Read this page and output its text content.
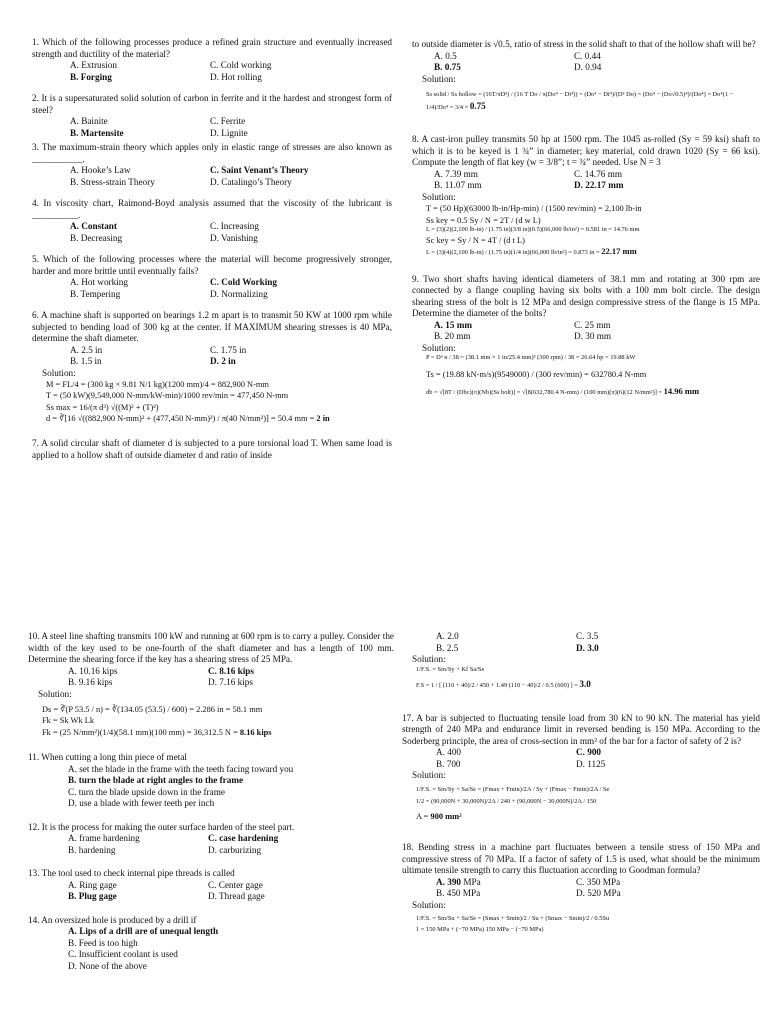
1. Which of the following processes produce a refined grain structure and eventually increased strength and ductility of the material?

A. Extrusion	C. Cold working
B. Forging	D. Hot rolling

2. It is a supersaturated solid solution of carbon in ferrite and it the hardest and strongest form of steel?

A. Bainite	C. Ferrite
B. Martensite	D. Lignite

3. The maximum-strain theory which apples only in elastic range of stresses are also known as ___________.

A. Hooke’s Law	C. Saint Venant’s Theory
B. Stress-strain Theory	D. Catalingo’s Theory

4. In viscosity chart, Raimond-Boyd analysis assumed that the viscosity of the lubricant is __________.

A. Constant	C. Increasing
B. Decreasing	D. Vanishing

5. Which of the following processes where the material will become progressively stronger, harder and more brittle until eventually fails?

A. Hot working	C. Cold Working
B. Tempering	D. Normalizing

6. A machine shaft is supported on bearings 1.2 m apart is to transmit 50 KW at 1000 rpm while subjected to bending load of 300 kg at the center. If MAXIMUM shearing stresses is 40 MPa, determine the shaft diameter.

A. 2.5 in	C. 1.75 in
B. 1.5 in	D. 2 in
Solution:
M = FL/4 = (300 kg × 9.81 N/1 kg)(1200 mm)/4 = 882,900 N-mm
T = (50 kW)(9,549,000 N-mm/kW-min)/1000 rev/min = 477,450 N-mm
Ss max = 16/(π d³) √((M)² + (T)²)
d = ∛[16 √((882,900 N-mm)² + (477,450 N-mm)²) / π(40 N/mm²)] = 50.4 mm = 2 in

7. A solid circular shaft of diameter d is subjected to a pure torsional load T. When same load is applied to a hollow shaft of outside diameter d and ratio of inside

to outside diameter is √0.5, ratio of stress in the solid shaft to that of the hollow shaft will be?

A. 0.5	C. 0.44
B. 0.75	D. 0.94
Solution:
Ss solid / Ss hollow = (16T/πD³) / (16 T Do / π(Do⁴ − Di⁴)) = (Do⁴ − Di⁴)/(D³ Do) = (Do⁴ − (Do√0.5)⁴)/(Do⁴) = Do⁴(1 − 1/4)/Do⁴ = 3/4 = 0.75

8. A cast-iron pulley transmits 50 hp at 1500 rpm. The 1045 as-rolled (Sy = 59 ksi) shaft to which it is to be keyed is 1 ¾” in diameter; key material, cold drawn 1020 (Sy = 66 ksi). Compute the length of flat key (w = 3/8”; t = ¾” needed. Use N = 3

A. 7.39 mm	C. 14.76 mm
B. 11.07 mm	D. 22.17 mm
Solution:
T = (50 Hp)(63000 lb-in/Hp-min) / (1500 rev/min) = 2,100 lb-in
Ss key = 0.5 Sy / N = 2T / (d w L)
L = (3)(2)(2,100 lb-in) / (1.75 in)(3/8 in)(0.5)(66,000 lb/in²) = 0.581 in = 14.76 mm
Sc key = Sy / N = 4T / (d t L)
L = (3)(4)(2,100 lb-in) / (1.75 in)(1/4 in)(66,000 lb/in²) = 0.873 in = 22.17 mm

9. Two short shafts having identical diameters of 38.1 mm and rotating at 300 rpm are connected by a flange coupling having six bolts with a 100 mm bolt circle. The design shearing stress of the bolt is 12 MPa and design compressive stress of the flange is 15 MPa. Determine the diameter of the bolts?

A. 15 mm	C. 25 mm
B. 20 mm	D. 30 mm
Solution:
P = D³ n / 38 = (38.1 mm × 1 in/25.4 mm)³ (300 rpm) / 38 = 26.64 hp = 19.88 kW
Ts = (19.88 kN-m/s)(9549000) / (300 rev/min) = 632780.4 N-mm
db = √[8T / (Dbc)(π)(Nb)(Ss bolt)] = √[8(632,780.4 N-mm) / (100 mm)(π)(6)(12 N/mm²)] = 14.96 mm

10. A steel line shafting transmits 100 kW and running at 600 rpm is to carry a pulley. Consider the width of the key used to be one-fourth of the shaft diameter and has a length of 100 mm. Determine the shearing force if the key has a shearing stress of 25 MPa.

A. 10.16 kips	C. 8.16 kips
B. 9.16 kips	D. 7.16 kips
Solution:
Ds = ∛(P 53.5 / n) = ∛(134.05 (53.5) / 600) = 2.286 in = 58.1 mm
Fk = Sk Wk Lk
Fk = (25 N/mm²)(1/4)(58.1 mm)(100 mm) = 36,312.5 N = 8.16 kips

11. When cutting a long thin piece of metal

A. set the blade in the frame with the teeth facing toward you
B. turn the blade at right angles to the frame
C. turn the blade upside down in the frame
D. use a blade with fewer teeth per inch

12. It is the process for making the outer surface harden of the steel part.

A. frame hardening	C. case hardening
B. hardening	D. carburizing

13. The tool used to check internal pipe threads is called

A. Ring gage	C. Center gage
B. Plug gage	D. Thread gage

14. An oversized hole is produced by a drill if

A. Lips of a drill are of unequal length
B. Feed is too high
C. Insufficient coolant is used
D. None of the above
A. 2.0	C. 3.5
B. 2.5	D. 3.0
Solution:
1/F.S. = Sm/Sy + Kf Sa/Se
F.S = 1 / [ (110 + 40)/2 / 450 + 1.49 (110 − 40)/2 / 0.5 (600) ] = 3.0

17. A bar is subjected to fluctuating tensile load from 30 kN to 90 kN. The material has yield strength of 240 MPa and endurance limit in reversed bending is 150 MPa. According to the Soderberg principle, the area of cross-section in mm² of the bar for a factor of safety of 2 is?

A. 400	C. 900
B. 700	D. 1125
Solution:
1/F.S. = Sm/Sy + Sa/Se = (Fmax + Fmin)/2A / Sy + (Fmax − Fmin)/2A / Se
1/2 = (90,000N + 30,000N)/2A / 240 + (90,000N − 30,000N)/2A / 150
A = 900 mm²

18. Bending stress in a machine part fluctuates between a tensile stress of 150 MPa and compressive stress of 70 MPa. If a factor of safety of 1.5 is used, what should be the minimum ultimate tensile strength to carry this fluctuation according to Goodman formula?

A. 390 MPa	C. 350 MPa
B. 450 MPa	D. 520 MPa
Solution:
1/F.S. = Sm/Su + Sa/Se = (Smax + Smin)/2 / Su + (Smax − Smin)/2 / 0.5Su
1 = 150 MPa + (−70 MPa) 150 MPa − (−70 MPa)
